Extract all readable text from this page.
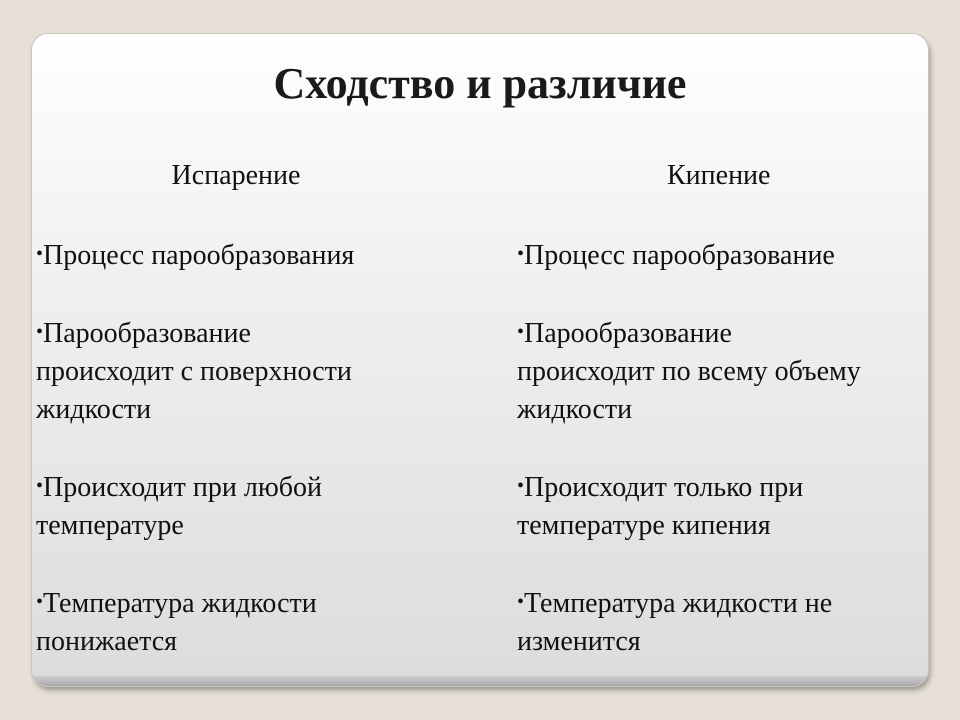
Сходство и различие
Испарение
•Процесс парообразования
•Парообразование
происходит с поверхности
жидкости
•Происходит при любой
температуре
•Температура жидкости
понижается
Кипение
•Процесс парообразование
•Парообразование
происходит по всему объему
жидкости
•Происходит только при
температуре кипения
•Температура жидкости не
изменится
